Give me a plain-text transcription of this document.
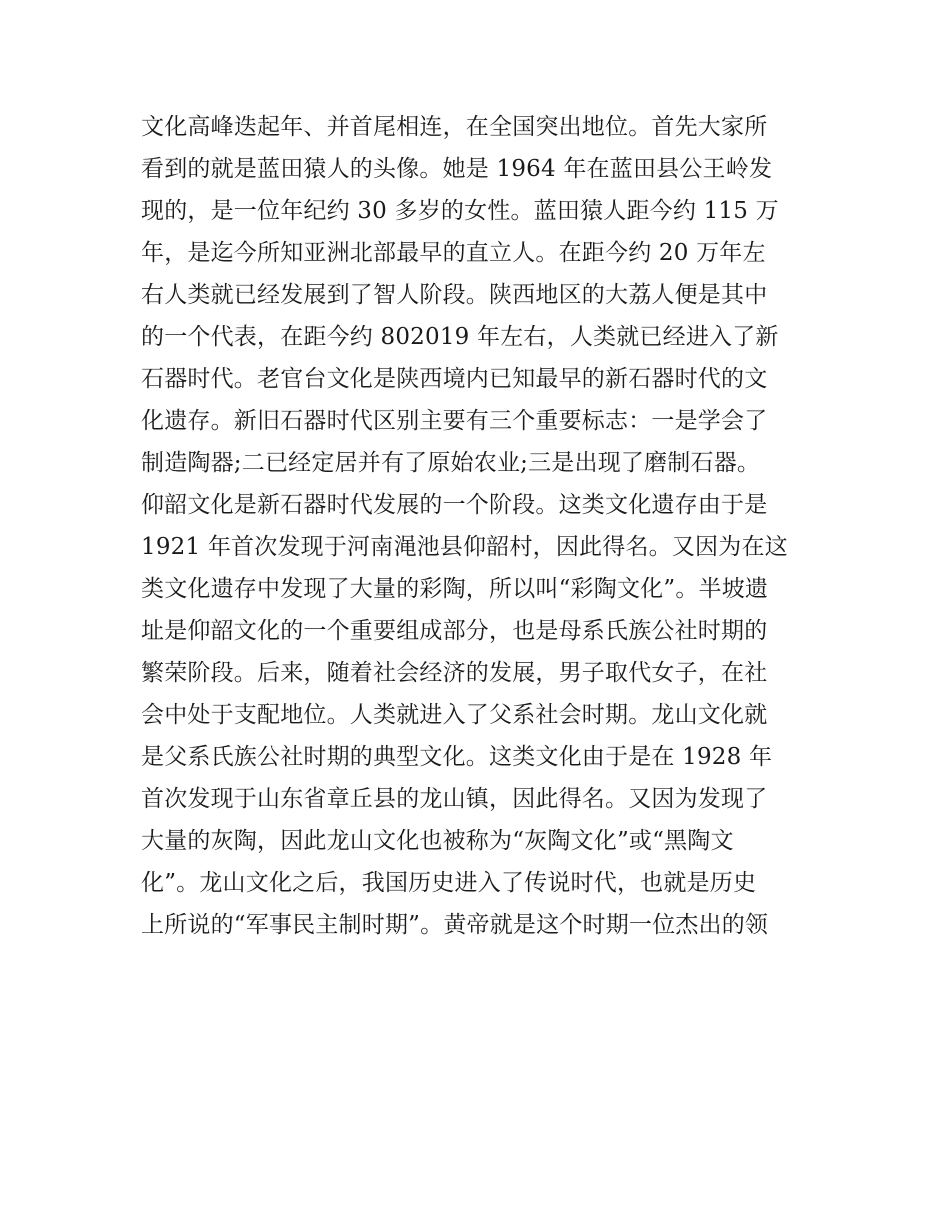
文化高峰迭起年、并首尾相连，在全国突出地位。首先大家所
看到的就是蓝田猿人的头像。她是 1964 年在蓝田县公王岭发
现的，是一位年纪约 30 多岁的女性。蓝田猿人距今约 115 万
年，是迄今所知亚洲北部最早的直立人。在距今约 20 万年左
右人类就已经发展到了智人阶段。陕西地区的大荔人便是其中
的一个代表，在距今约 802019 年左右，人类就已经进入了新
石器时代。老官台文化是陕西境内已知最早的新石器时代的文
化遗存。新旧石器时代区别主要有三个重要标志：一是学会了
制造陶器;二已经定居并有了原始农业;三是出现了磨制石器。
仰韶文化是新石器时代发展的一个阶段。这类文化遗存由于是
1921 年首次发现于河南渑池县仰韶村，因此得名。又因为在这
类文化遗存中发现了大量的彩陶，所以叫“彩陶文化”。半坡遗
址是仰韶文化的一个重要组成部分，也是母系氏族公社时期的
繁荣阶段。后来，随着社会经济的发展，男子取代女子，在社
会中处于支配地位。人类就进入了父系社会时期。龙山文化就
是父系氏族公社时期的典型文化。这类文化由于是在 1928 年
首次发现于山东省章丘县的龙山镇，因此得名。又因为发现了
大量的灰陶，因此龙山文化也被称为“灰陶文化”或“黑陶文
化”。龙山文化之后，我国历史进入了传说时代，也就是历史
上所说的“军事民主制时期”。黄帝就是这个时期一位杰出的领
